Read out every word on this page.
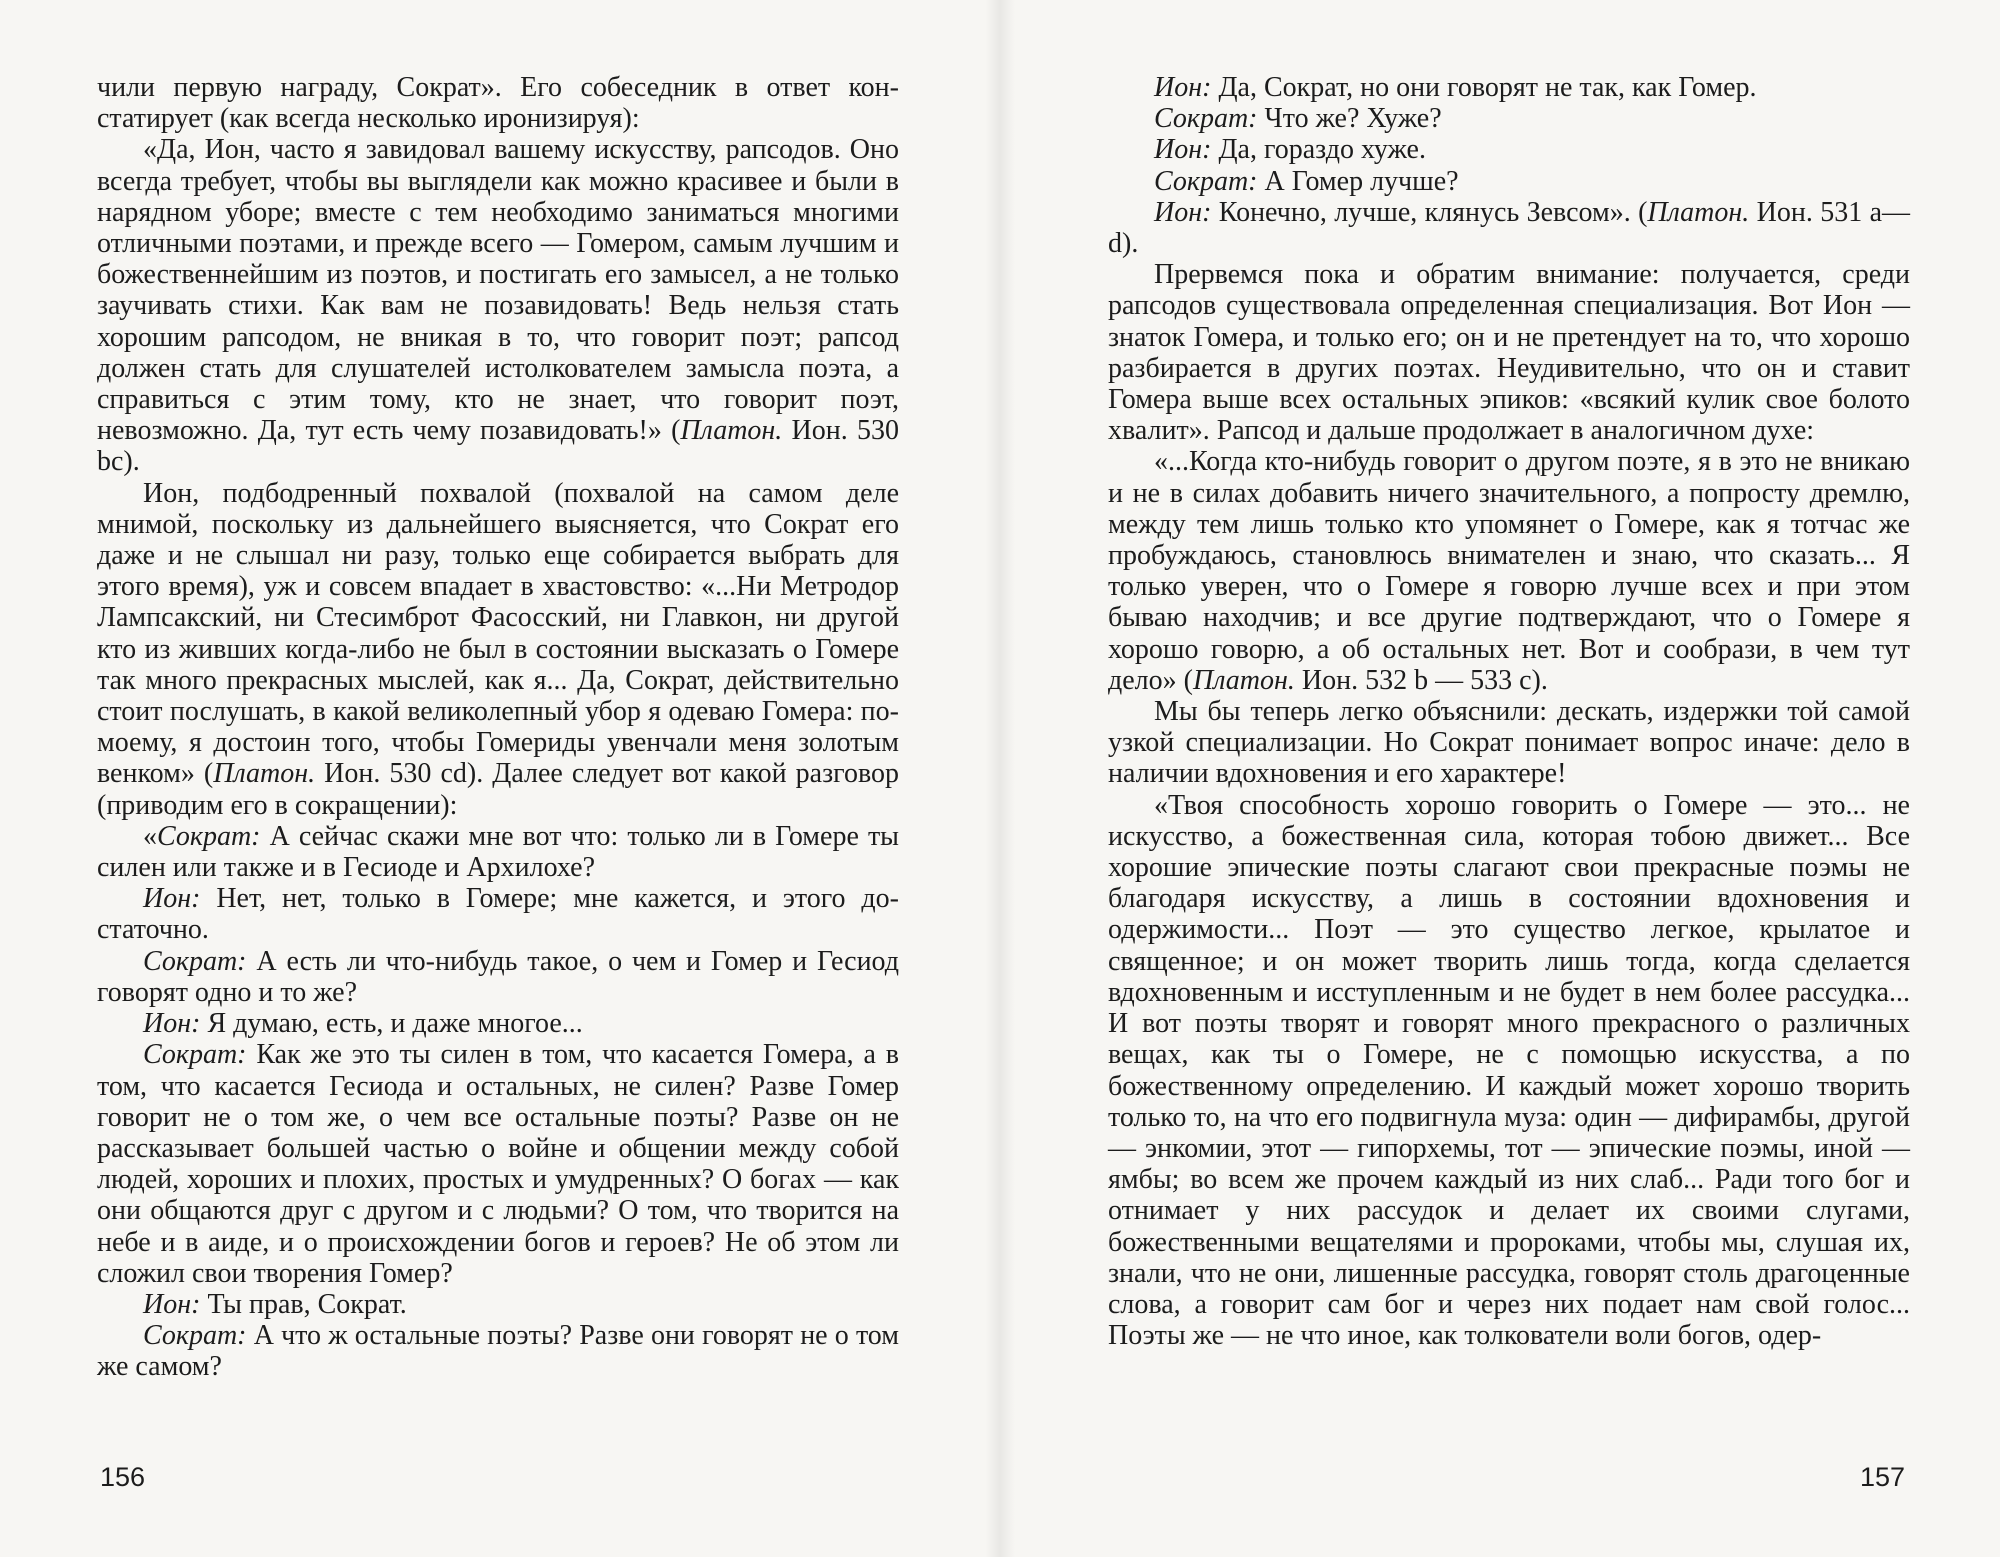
чили первую награду, Сократ». Его собеседник в ответ констатирует (как всегда несколько иронизируя):

«Да, Ион, часто я завидовал вашему искусству, рапсодов. Оно всегда требует, чтобы вы выглядели как можно красивее и были в нарядном уборе; вместе с тем необходимо заниматься многими отличными поэтами, и прежде всего — Гомером, самым лучшим и божественнейшим из поэтов, и постигать его замысел, а не только заучивать стихи. Как вам не позавидовать! Ведь нельзя стать хорошим рапсодом, не вникая в то, что говорит поэт; рапсод должен стать для слушателей истолкователем замысла поэта, а справиться с этим тому, кто не знает, что говорит поэт, невозможно. Да, тут есть чему позавидовать!» (Платон. Ион. 530 bc).

Ион, подбодренный похвалой (похвалой на самом деле мнимой, поскольку из дальнейшего выясняется, что Сократ его даже и не слышал ни разу, только еще собирается выбрать для этого время), уж и совсем впадает в хвастовство: «...Ни Метродор Лампсакский, ни Стесимброт Фасосский, ни Главкон, ни другой кто из живших когда-либо не был в состоянии высказать о Гомере так много прекрасных мыслей, как я... Да, Сократ, действительно стоит послушать, в какой великолепный убор я одеваю Гомера: по-моему, я достоин того, чтобы Гомериды увенчали меня золотым венком» (Платон. Ион. 530 cd). Далее следует вот какой разговор (приводим его в сокращении):

«Сократ: А сейчас скажи мне вот что: только ли в Гомере ты силен или также и в Гесиоде и Архилохе?

Ион: Нет, нет, только в Гомере; мне кажется, и этого достаточно.

Сократ: А есть ли что-нибудь такое, о чем и Гомер и Гесиод говорят одно и то же?

Ион: Я думаю, есть, и даже многое...

Сократ: Как же это ты силен в том, что касается Гомера, а в том, что касается Гесиода и остальных, не силен? Разве Гомер говорит не о том же, о чем все остальные поэты? Разве он не рассказывает большей частью о войне и общении между собой людей, хороших и плохих, простых и умудренных? О богах — как они общаются друг с другом и с людьми? О том, что творится на небе и в аиде, и о происхождении богов и героев? Не об этом ли сложил свои творения Гомер?

Ион: Ты прав, Сократ.

Сократ: А что ж остальные поэты? Разве они говорят не о том же самом?

Ион: Да, Сократ, но они говорят не так, как Гомер.

Сократ: Что же? Хуже?

Ион: Да, гораздо хуже.

Сократ: А Гомер лучше?

Ион: Конечно, лучше, клянусь Зевсом». (Платон. Ион. 531 a—d).

Прервемся пока и обратим внимание: получается, среди рапсодов существовала определенная специализация. Вот Ион — знаток Гомера, и только его; он и не претендует на то, что хорошо разбирается в других поэтах. Неудивительно, что он и ставит Гомера выше всех остальных эпиков: «всякий кулик свое болото хвалит». Рапсод и дальше продолжает в аналогичном духе:

«...Когда кто-нибудь говорит о другом поэте, я в это не вникаю и не в силах добавить ничего значительного, а попросту дремлю, между тем лишь только кто упомянет о Гомере, как я тотчас же пробуждаюсь, становлюсь внимателен и знаю, что сказать... Я только уверен, что о Гомере я говорю лучше всех и при этом бываю находчив; и все другие подтверждают, что о Гомере я хорошо говорю, а об остальных нет. Вот и сообрази, в чем тут дело» (Платон. Ион. 532 b — 533 c).

Мы бы теперь легко объяснили: дескать, издержки той самой узкой специализации. Но Сократ понимает вопрос иначе: дело в наличии вдохновения и его характере!

«Твоя способность хорошо говорить о Гомере — это... не искусство, а божественная сила, которая тобою движет... Все хорошие эпические поэты слагают свои прекрасные поэмы не благодаря искусству, а лишь в состоянии вдохновения и одержимости... Поэт — это существо легкое, крылатое и священное; и он может творить лишь тогда, когда сделается вдохновенным и исступленным и не будет в нем более рассудка... И вот поэты творят и говорят много прекрасного о различных вещах, как ты о Гомере, не с помощью искусства, а по божественному определению. И каждый может хорошо творить только то, на что его подвигнула муза: один — дифирамбы, другой — энкомии, этот — гипорхемы, тот — эпические поэмы, иной — ямбы; во всем же прочем каждый из них слаб... Ради того бог и отнимает у них рассудок и делает их своими слугами, божественными вещателями и пророками, чтобы мы, слушая их, знали, что не они, лишенные рассудка, говорят столь драгоценные слова, а говорит сам бог и через них подает нам свой голос... Поэты же — не что иное, как толкователи воли богов, одер-

156	157
